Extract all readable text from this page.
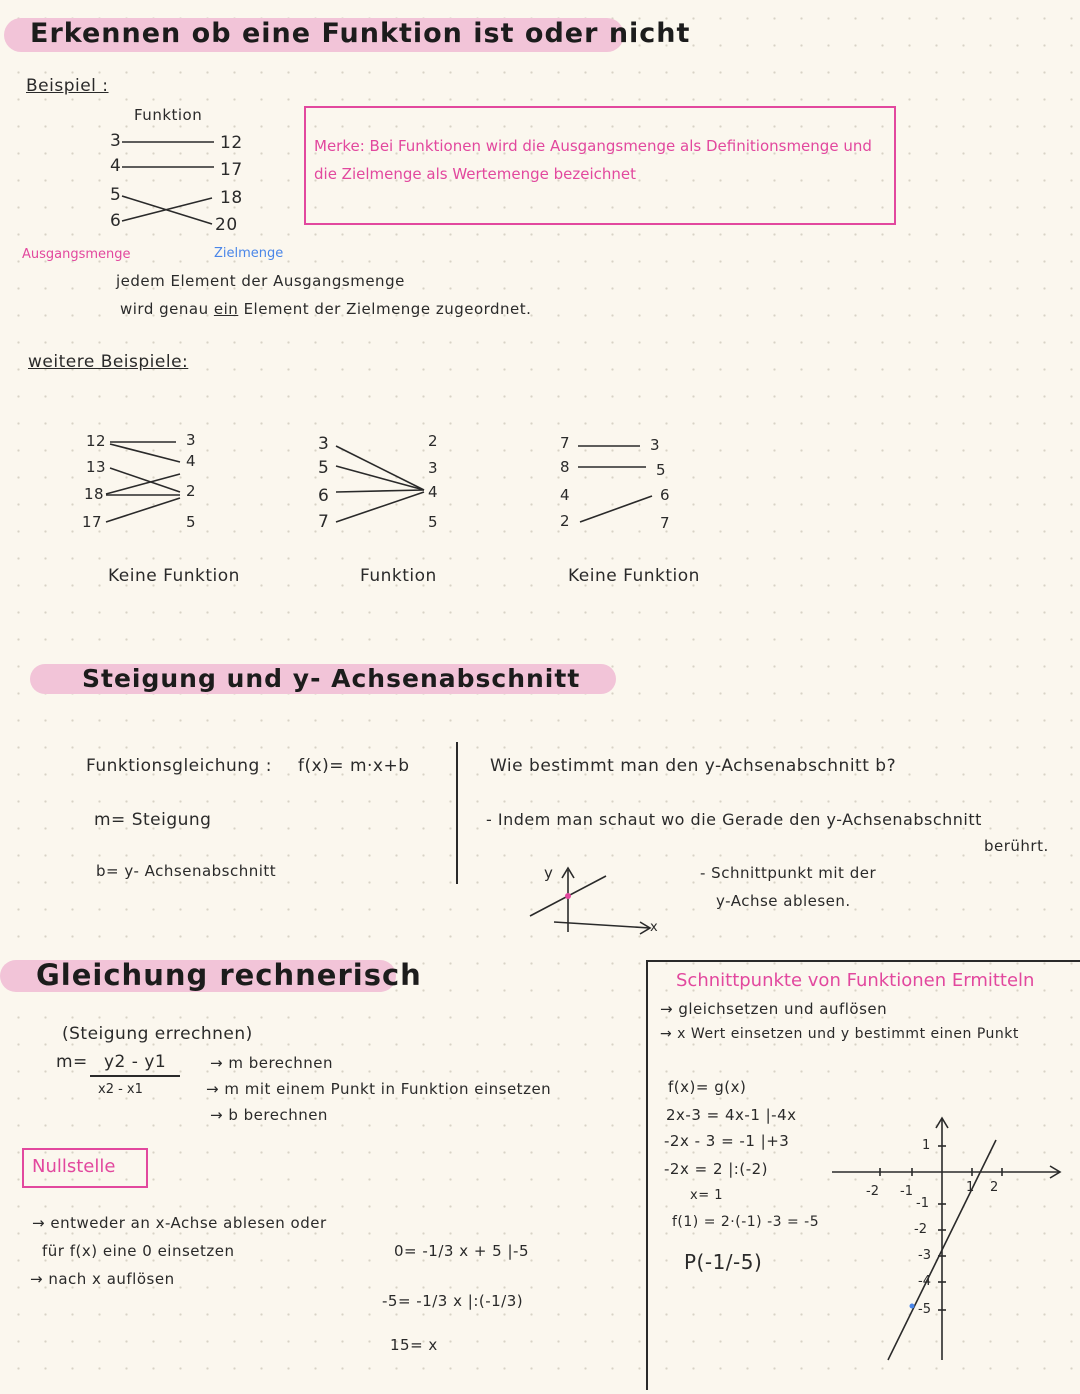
Erkennen ob eine Funktion ist oder nicht
Beispiel :
Funktion
3
4
5
6
12
17
18
20
Ausgangsmenge	Zielmenge
jedem Element der Ausgangsmenge
wird genau ein Element der Zielmenge zugeordnet.
Merke: Bei Funktionen wird die Ausgangsmenge als Definitionsmenge und die Zielmenge als Wertemenge bezeichnet
weitere Beispiele:
12
13
18
17
3
4
2
5
Keine Funktion
3
5
6
7
2
3
4
5
Funktion
7
8
4
2
3
5
6
7
Keine Funktion
Steigung und y- Achsenabschnitt
Funktionsgleichung : f(x)= m·x+b
m= Steigung
b= y- Achsenabschnitt
Wie bestimmt man den y-Achsenabschnitt b?
- Indem man schaut wo die Gerade den y-Achsenabschnitt
berührt.
- Schnittpunkt mit der
y-Achse ablesen.
y
x
Gleichung rechnerisch
(Steigung errechnen)
m= y2 - y1
x2 - x1
→ m berechnen
→ m mit einem Punkt in Funktion einsetzen
→ b berechnen
Nullstelle
→ entweder an x-Achse ablesen oder
für f(x) eine 0 einsetzen
→ nach x auflösen
0= -1/3 x + 5 |-5
-5= -1/3 x |:(-1/3)
15= x
Schnittpunkte von Funktionen Ermitteln
→ gleichsetzen und auflösen
→ x Wert einsetzen und y bestimmt einen Punkt
f(x)= g(x)
2x-3 = 4x-1 |-4x
-2x - 3 = -1 |+3
-2x = 2 |:(-2)
x= 1
f(1) = 2·(-1) -3 = -5
P(-1/-5)
-2 -1	1 2
1
-1
-2
-3
-4
-5
